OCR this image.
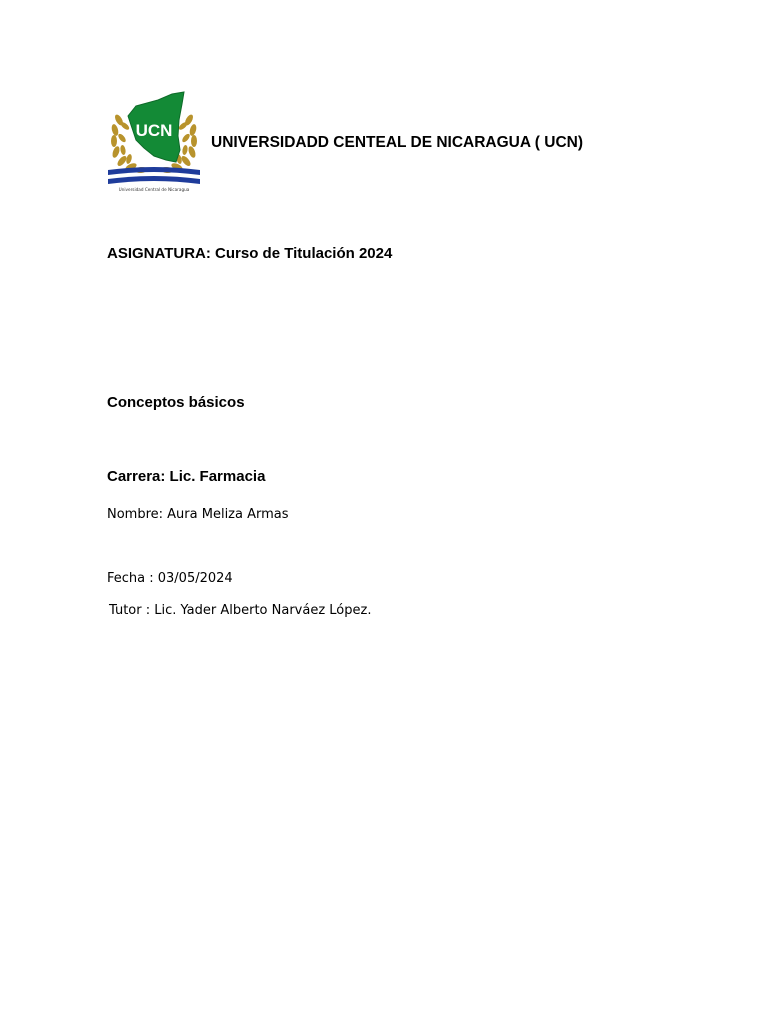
UCN
Universidad Central de Nicaragua
UNIVERSIDADD CENTEAL DE NICARAGUA ( UCN)
ASIGNATURA: Curso de Titulación 2024
Conceptos básicos
Carrera: Lic. Farmacia
Nombre: Aura Meliza Armas
Fecha : 03/05/2024
Tutor : Lic. Yader Alberto Narváez López.
